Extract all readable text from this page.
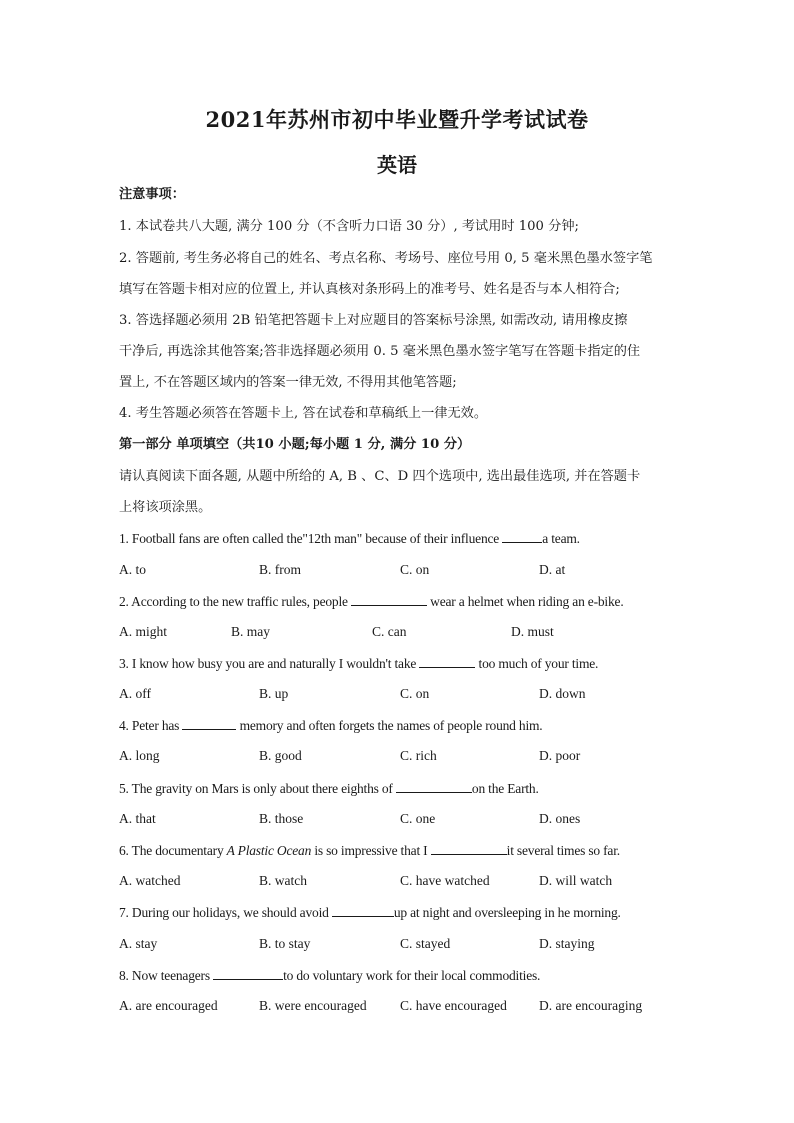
2021年苏州市初中毕业暨升学考试试卷
英语
注意事项：
1. 本试卷共八大题, 满分 100 分（不含听力口语 30 分）, 考试用时 100 分钟;
2. 答题前, 考生务必将自己的姓名、考点名称、考场号、座位号用 0, 5 毫米黑色墨水签字笔
填写在答题卡相对应的位置上, 并认真核对条形码上的准考号、姓名是否与本人相符合;
3. 答选择题必须用 2B 铅笔把答题卡上对应题目的答案标号涂黑, 如需改动, 请用橡皮擦
干净后, 再选涂其他答案;答非选择题必须用 0. 5 毫米黑色墨水签字笔写在答题卡指定的住
置上, 不在答题区域内的答案一律无效, 不得用其他笔答题;
4. 考生答题必须答在答题卡上, 答在试卷和草稿纸上一律无效。
第一部分 单项填空（共10 小题;每小题 1 分, 满分 10 分）
请认真阅读下面各题, 从题中所给的 A, B 、C、D 四个选项中, 选出最佳选项, 并在答题卡
上将该项涂黑。
1. Football fans are often called the"12th man" because of their influence	a team.
A. to	B. from	C. on	D. at
2. According to the new traffic rules, people	wear a helmet when riding an e-bike.
A. might	B. may	C. can	D. must
3. I know how busy you are and naturally I wouldn't take	too much of your time.
A. off	B. up	C. on	D. down
4. Peter has	memory and often forgets the names of people round him.
A. long	B. good	C. rich	D. poor
5. The gravity on Mars is only about there eighths of	on the Earth.
A. that	B. those	C. one	D. ones
6. The documentary A Plastic Ocean is so impressive that I	it several times so far.
A. watched	B. watch	C. have watched	D. will watch
7. During our holidays, we should avoid	up at night and oversleeping in he morning.
A. stay	B. to stay	C. stayed	D. staying
8. Now teenagers	to do voluntary work for their local commodities.
A. are encouraged	B. were encouraged C. have encouraged D. are encouraging
